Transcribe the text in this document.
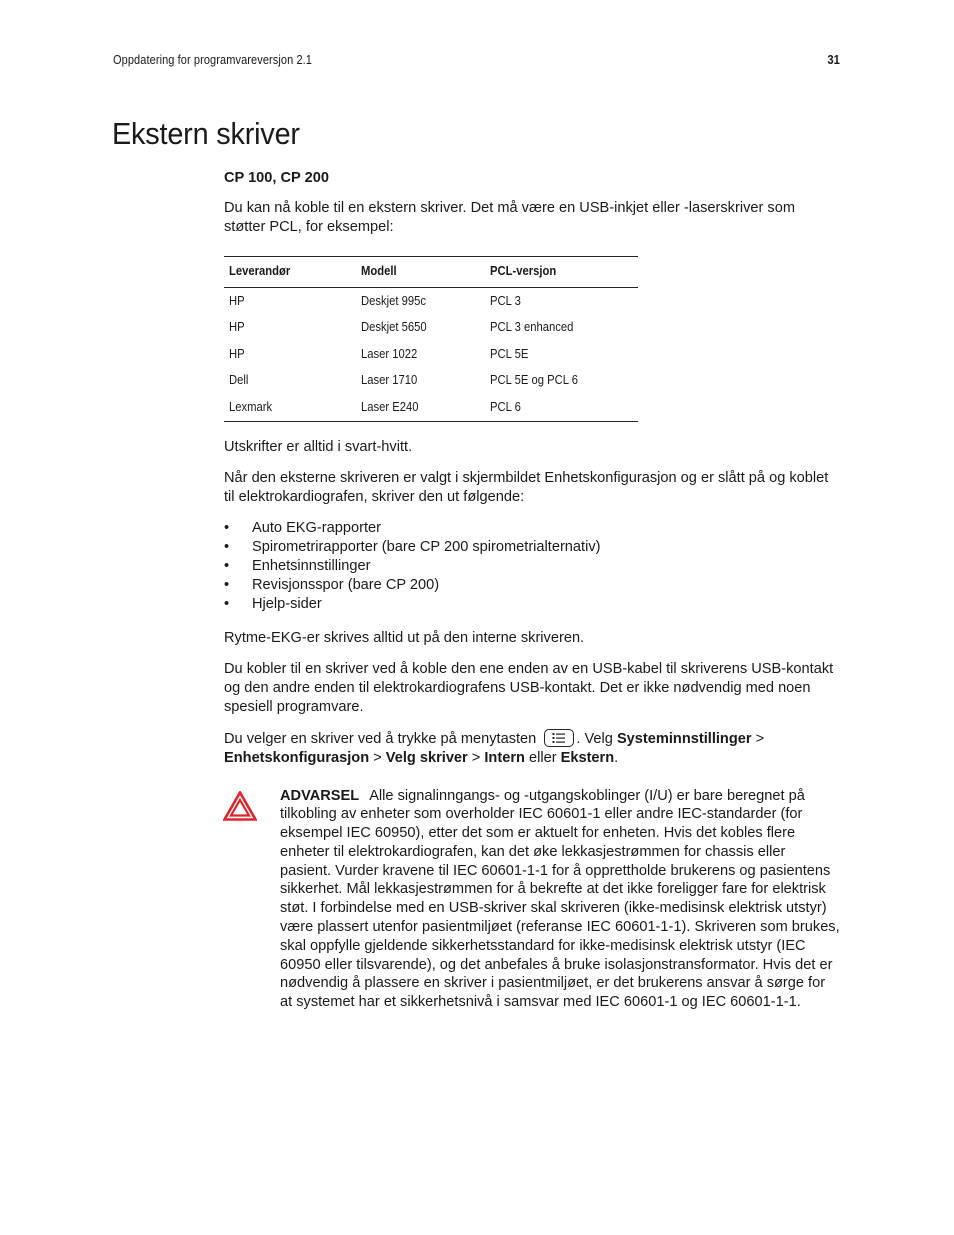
Oppdatering for programvareversjon 2.1	31
Ekstern skriver
CP 100, CP 200

Du kan nå koble til en ekstern skriver. Det må være en USB-inkjet eller -laserskriver som støtter PCL, for eksempel:

Leverandør	Modell	PCL-versjon
HP	Deskjet 995c	PCL 3
HP	Deskjet 5650	PCL 3 enhanced
HP	Laser 1022	PCL 5E
Dell	Laser 1710	PCL 5E og PCL 6
Lexmark	Laser E240	PCL 6

Utskrifter er alltid i svart-hvitt.

Når den eksterne skriveren er valgt i skjermbildet Enhetskonfigurasjon og er slått på og koblet til elektrokardiografen, skriver den ut følgende:

• Auto EKG-rapporter
• Spirometrirapporter (bare CP 200 spirometrialternativ)
• Enhetsinnstillinger
• Revisjonsspor (bare CP 200)
• Hjelp-sider

Rytme-EKG-er skrives alltid ut på den interne skriveren.

Du kobler til en skriver ved å koble den ene enden av en USB-kabel til skriverens USB-kontakt og den andre enden til elektrokardiografens USB-kontakt. Det er ikke nødvendig med noen spesiell programvare.

Du velger en skriver ved å trykke på menytasten	. Velg Systeminnstillinger > Enhetskonfigurasjon > Velg skriver > Intern eller Ekstern.

ADVARSEL Alle signalinngangs- og -utgangskoblinger (I/U) er bare beregnet på tilkobling av enheter som overholder IEC 60601-1 eller andre IEC-standarder (for eksempel IEC 60950), etter det som er aktuelt for enheten. Hvis det kobles flere enheter til elektrokardiografen, kan det øke lekkasjestrømmen for chassis eller pasient. Vurder kravene til IEC 60601-1-1 for å opprettholde brukerens og pasientens sikkerhet. Mål lekkasjestrømmen for å bekrefte at det ikke foreligger fare for elektrisk støt. I forbindelse med en USB-skriver skal skriveren (ikke-medisinsk elektrisk utstyr) være plassert utenfor pasientmiljøet (referanse IEC 60601-1-1). Skriveren som brukes, skal oppfylle gjeldende sikkerhetsstandard for ikke-medisinsk elektrisk utstyr (IEC 60950 eller tilsvarende), og det anbefales å bruke isolasjonstransformator. Hvis det er nødvendig å plassere en skriver i pasientmiljøet, er det brukerens ansvar å sørge for at systemet har et sikkerhetsnivå i samsvar med IEC 60601-1 og IEC 60601-1-1.
